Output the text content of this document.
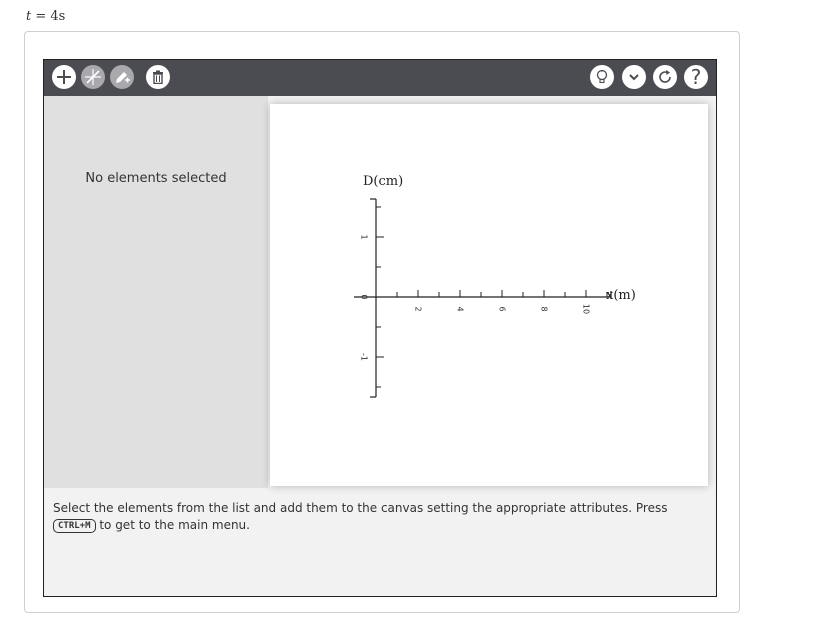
t = 4s
?
No elements selected	D(cm)
x(m)
2	4	6	8	10
1
0
-1
Select the elements from the list and add them to the canvas setting the appropriate attributes. Press CTRL+M to get to the main menu.
